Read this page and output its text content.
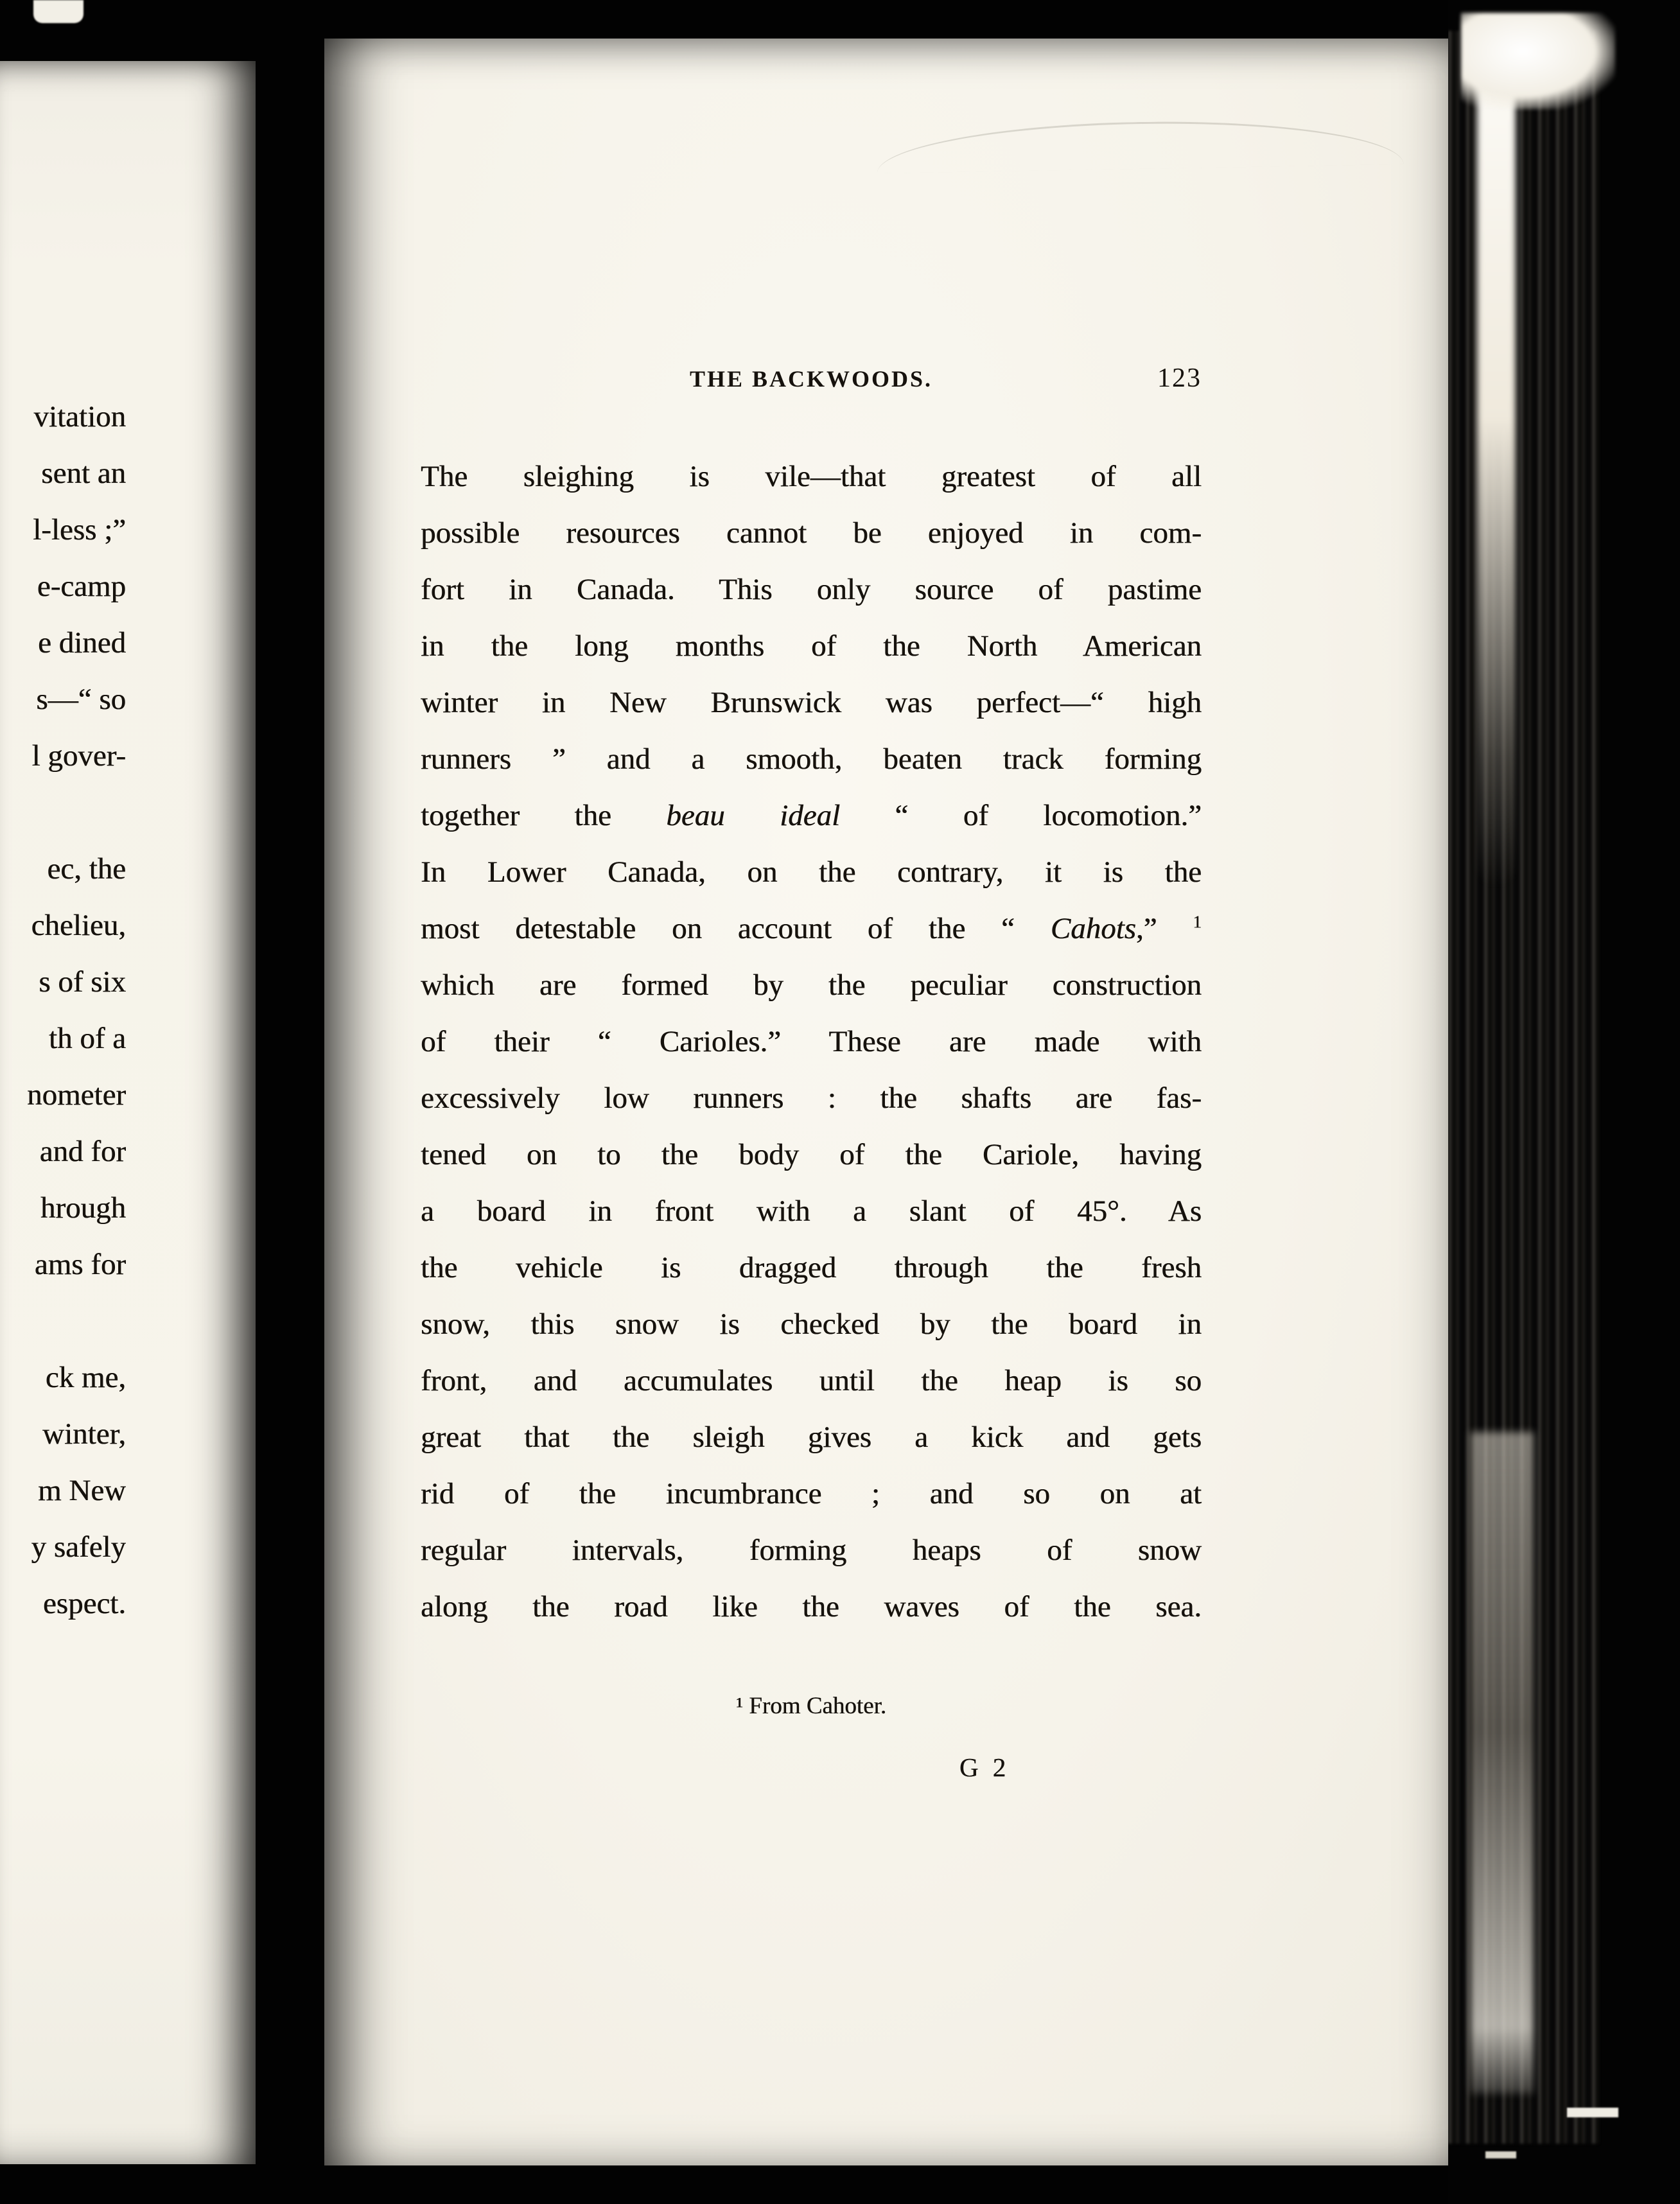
vitation
sent an
l-less ;”
e-camp
e dined
s—“ so
l gover-

ec, the
chelieu,
s of six
th of a
nometer
and for
hrough
ams for

ck me,
winter,
m New
y safely
espect.
THE BACKWOODS.	123
The sleighing is vile—that greatest of all
possible resources cannot be enjoyed in com-
fort in Canada. This only source of pastime
in the long months of the North American
winter in New Brunswick was perfect—“ high
runners ” and a smooth, beaten track forming
together the beau ideal “ of locomotion.”
In Lower Canada, on the contrary, it is the
most detestable on account of the “ Cahots,” $^1$
which are formed by the peculiar construction
of their “ Carioles.” These are made with
excessively low runners : the shafts are fas-
tened on to the body of the Cariole, having
a board in front with a slant of 45°. As
the vehicle is dragged through the fresh
snow, this snow is checked by the board in
front, and accumulates until the heap is so
great that the sleigh gives a kick and gets
rid of the incumbrance ; and so on at
regular intervals, forming heaps of snow
along the road like the waves of the sea.
¹ From Cahoter.
G 2
